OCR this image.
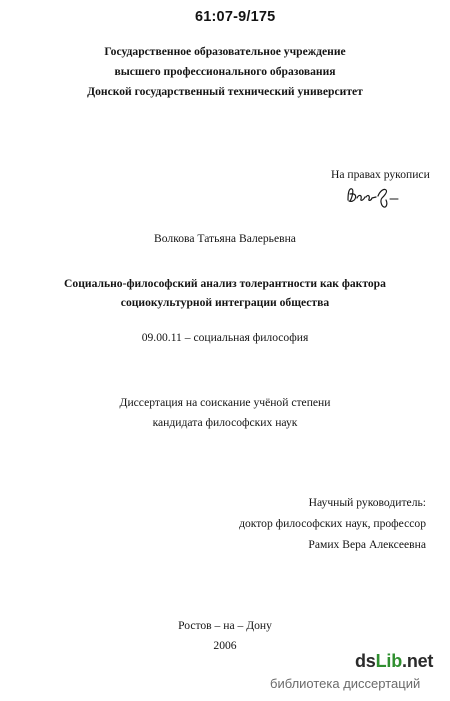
61:07-9/175
Государственное образовательное учреждение
высшего профессионального образования
Донской государственный технический университет
На правах рукописи
Волкова Татьяна Валерьевна
Социально-философский анализ толерантности как фактора
социокультурной интеграции общества
09.00.11 – социальная философия
Диссертация на соискание учёной степени
кандидата философских наук
Научный руководитель:
доктор философских наук, профессор
Рамих Вера Алексеевна
Ростов – на – Дону
2006
dsLib.net
библиотека диссертаций
